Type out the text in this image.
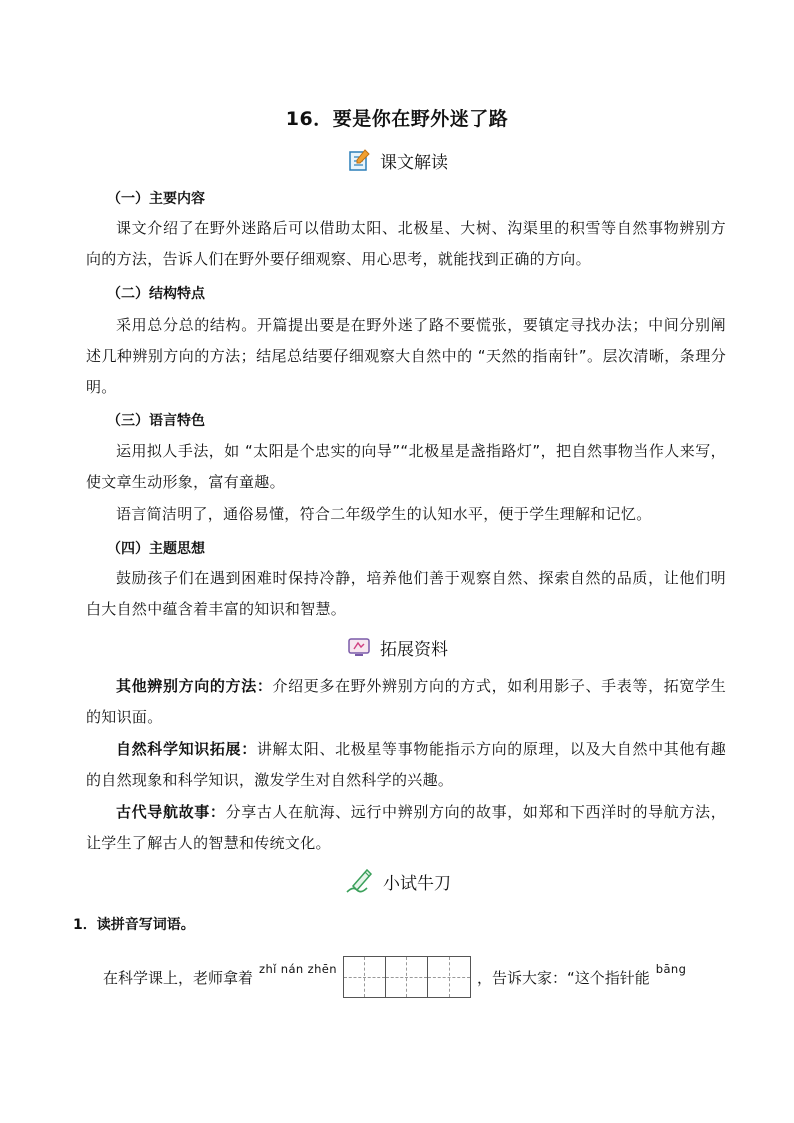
16．要是你在野外迷了路
课文解读
（一）主要内容
课文介绍了在野外迷路后可以借助太阳、北极星、大树、沟渠里的积雪等自然事物辨别方向的方法，告诉人们在野外要仔细观察、用心思考，就能找到正确的方向。
（二）结构特点
采用总分总的结构。开篇提出要是在野外迷了路不要慌张，要镇定寻找办法；中间分别阐述几种辨别方向的方法；结尾总结要仔细观察大自然中的 “天然的指南针”。层次清晰，条理分明。
（三）语言特色
运用拟人手法，如 “太阳是个忠实的向导”“北极星是盏指路灯”，把自然事物当作人来写，使文章生动形象，富有童趣。
语言简洁明了，通俗易懂，符合二年级学生的认知水平，便于学生理解和记忆。
（四）主题思想
鼓励孩子们在遇到困难时保持冷静，培养他们善于观察自然、探索自然的品质，让他们明白大自然中蕴含着丰富的知识和智慧。
拓展资料
其他辨别方向的方法：介绍更多在野外辨别方向的方式，如利用影子、手表等，拓宽学生的知识面。
自然科学知识拓展：讲解太阳、北极星等事物能指示方向的原理，以及大自然中其他有趣的自然现象和科学知识，激发学生对自然科学的兴趣。
古代导航故事：分享古人在航海、远行中辨别方向的故事，如郑和下西洋时的导航方法，让学生了解古人的智慧和传统文化。
小试牛刀
1．读拼音写词语。
在科学课上，老师拿着 zhǐ nán zhēn	，告诉大家：“这个指针能 bāng
